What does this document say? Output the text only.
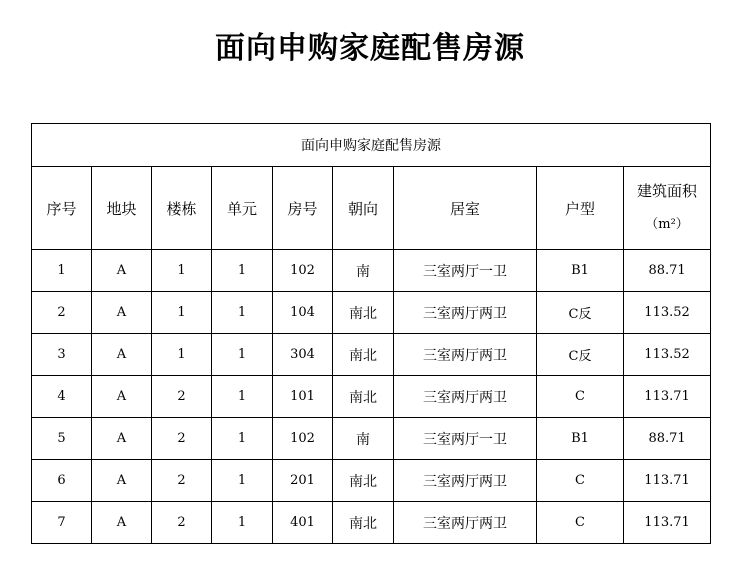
面向申购家庭配售房源
面向申购家庭配售房源								
序号	地块	楼栋	单元	房号	朝向	居室	户型	建筑面积
（m²）

1	A	1	1	102	南	三室两厅一卫	B1	88.71
2	A	1	1	104	南北	三室两厅两卫	C反	113.52
3	A	1	1	304	南北	三室两厅两卫	C反	113.52
4	A	2	1	101	南北	三室两厅两卫	C	113.71
5	A	2	1	102	南	三室两厅一卫	B1	88.71
6	A	2	1	201	南北	三室两厅两卫	C	113.71
7	A	2	1	401	南北	三室两厅两卫	C	113.71
